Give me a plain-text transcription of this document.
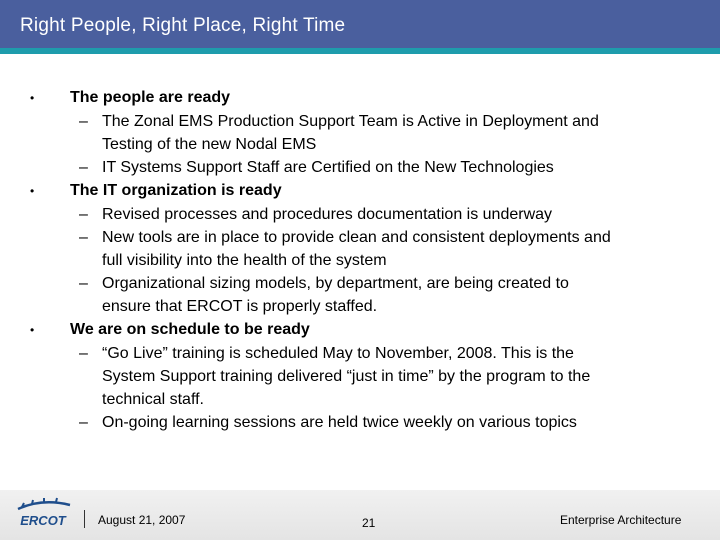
Right People, Right Place, Right Time
• The people are ready
– The Zonal EMS Production Support Team is Active in Deployment and
Testing of the new Nodal EMS
– IT Systems Support Staff are Certified on the New Technologies
• The IT organization is ready
– Revised processes and procedures documentation is underway
– New tools are in place to provide clean and consistent deployments and
full visibility into the health of the system
– Organizational sizing models, by department, are being created to
ensure that ERCOT is properly staffed.
• We are on schedule to be ready
– “Go Live” training is scheduled May to November, 2008. This is the
System Support training delivered “just in time” by the program to the
technical staff.
– On-going learning sessions are held twice weekly on various topics
ERCOT	August 21, 2007	21	Enterprise Architecture
